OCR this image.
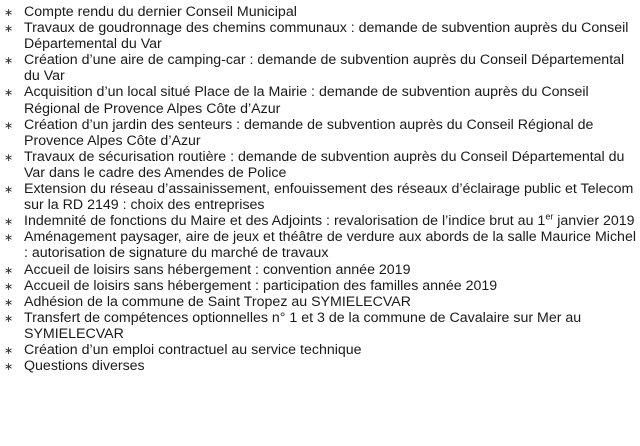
∗ Compte rendu du dernier Conseil Municipal
∗ Travaux de goudronnage des chemins communaux : demande de subvention auprès du Conseil Départemental du Var
∗ Création d’une aire de camping-car : demande de subvention auprès du Conseil Départemental du Var
∗ Acquisition d’un local situé Place de la Mairie : demande de subvention auprès du Conseil Régional de Provence Alpes Côte d’Azur
∗ Création d’un jardin des senteurs : demande de subvention auprès du Conseil Régional de Provence Alpes Côte d’Azur
∗ Travaux de sécurisation routière : demande de subvention auprès du Conseil Départemental du Var dans le cadre des Amendes de Police
∗ Extension du réseau d’assainissement, enfouissement des réseaux d’éclairage public et Telecom sur la RD 2149 : choix des entreprises
∗ Indemnité de fonctions du Maire et des Adjoints : revalorisation de l’indice brut au 1er janvier 2019
∗ Aménagement paysager, aire de jeux et théâtre de verdure aux abords de la salle Maurice Michel : autorisation de signature du marché de travaux
∗ Accueil de loisirs sans hébergement : convention année 2019
∗ Accueil de loisirs sans hébergement : participation des familles année 2019
∗ Adhésion de la commune de Saint Tropez au SYMIELECVAR
∗ Transfert de compétences optionnelles n° 1 et 3 de la commune de Cavalaire sur Mer au SYMIELECVAR
∗ Création d’un emploi contractuel au service technique
∗ Questions diverses
